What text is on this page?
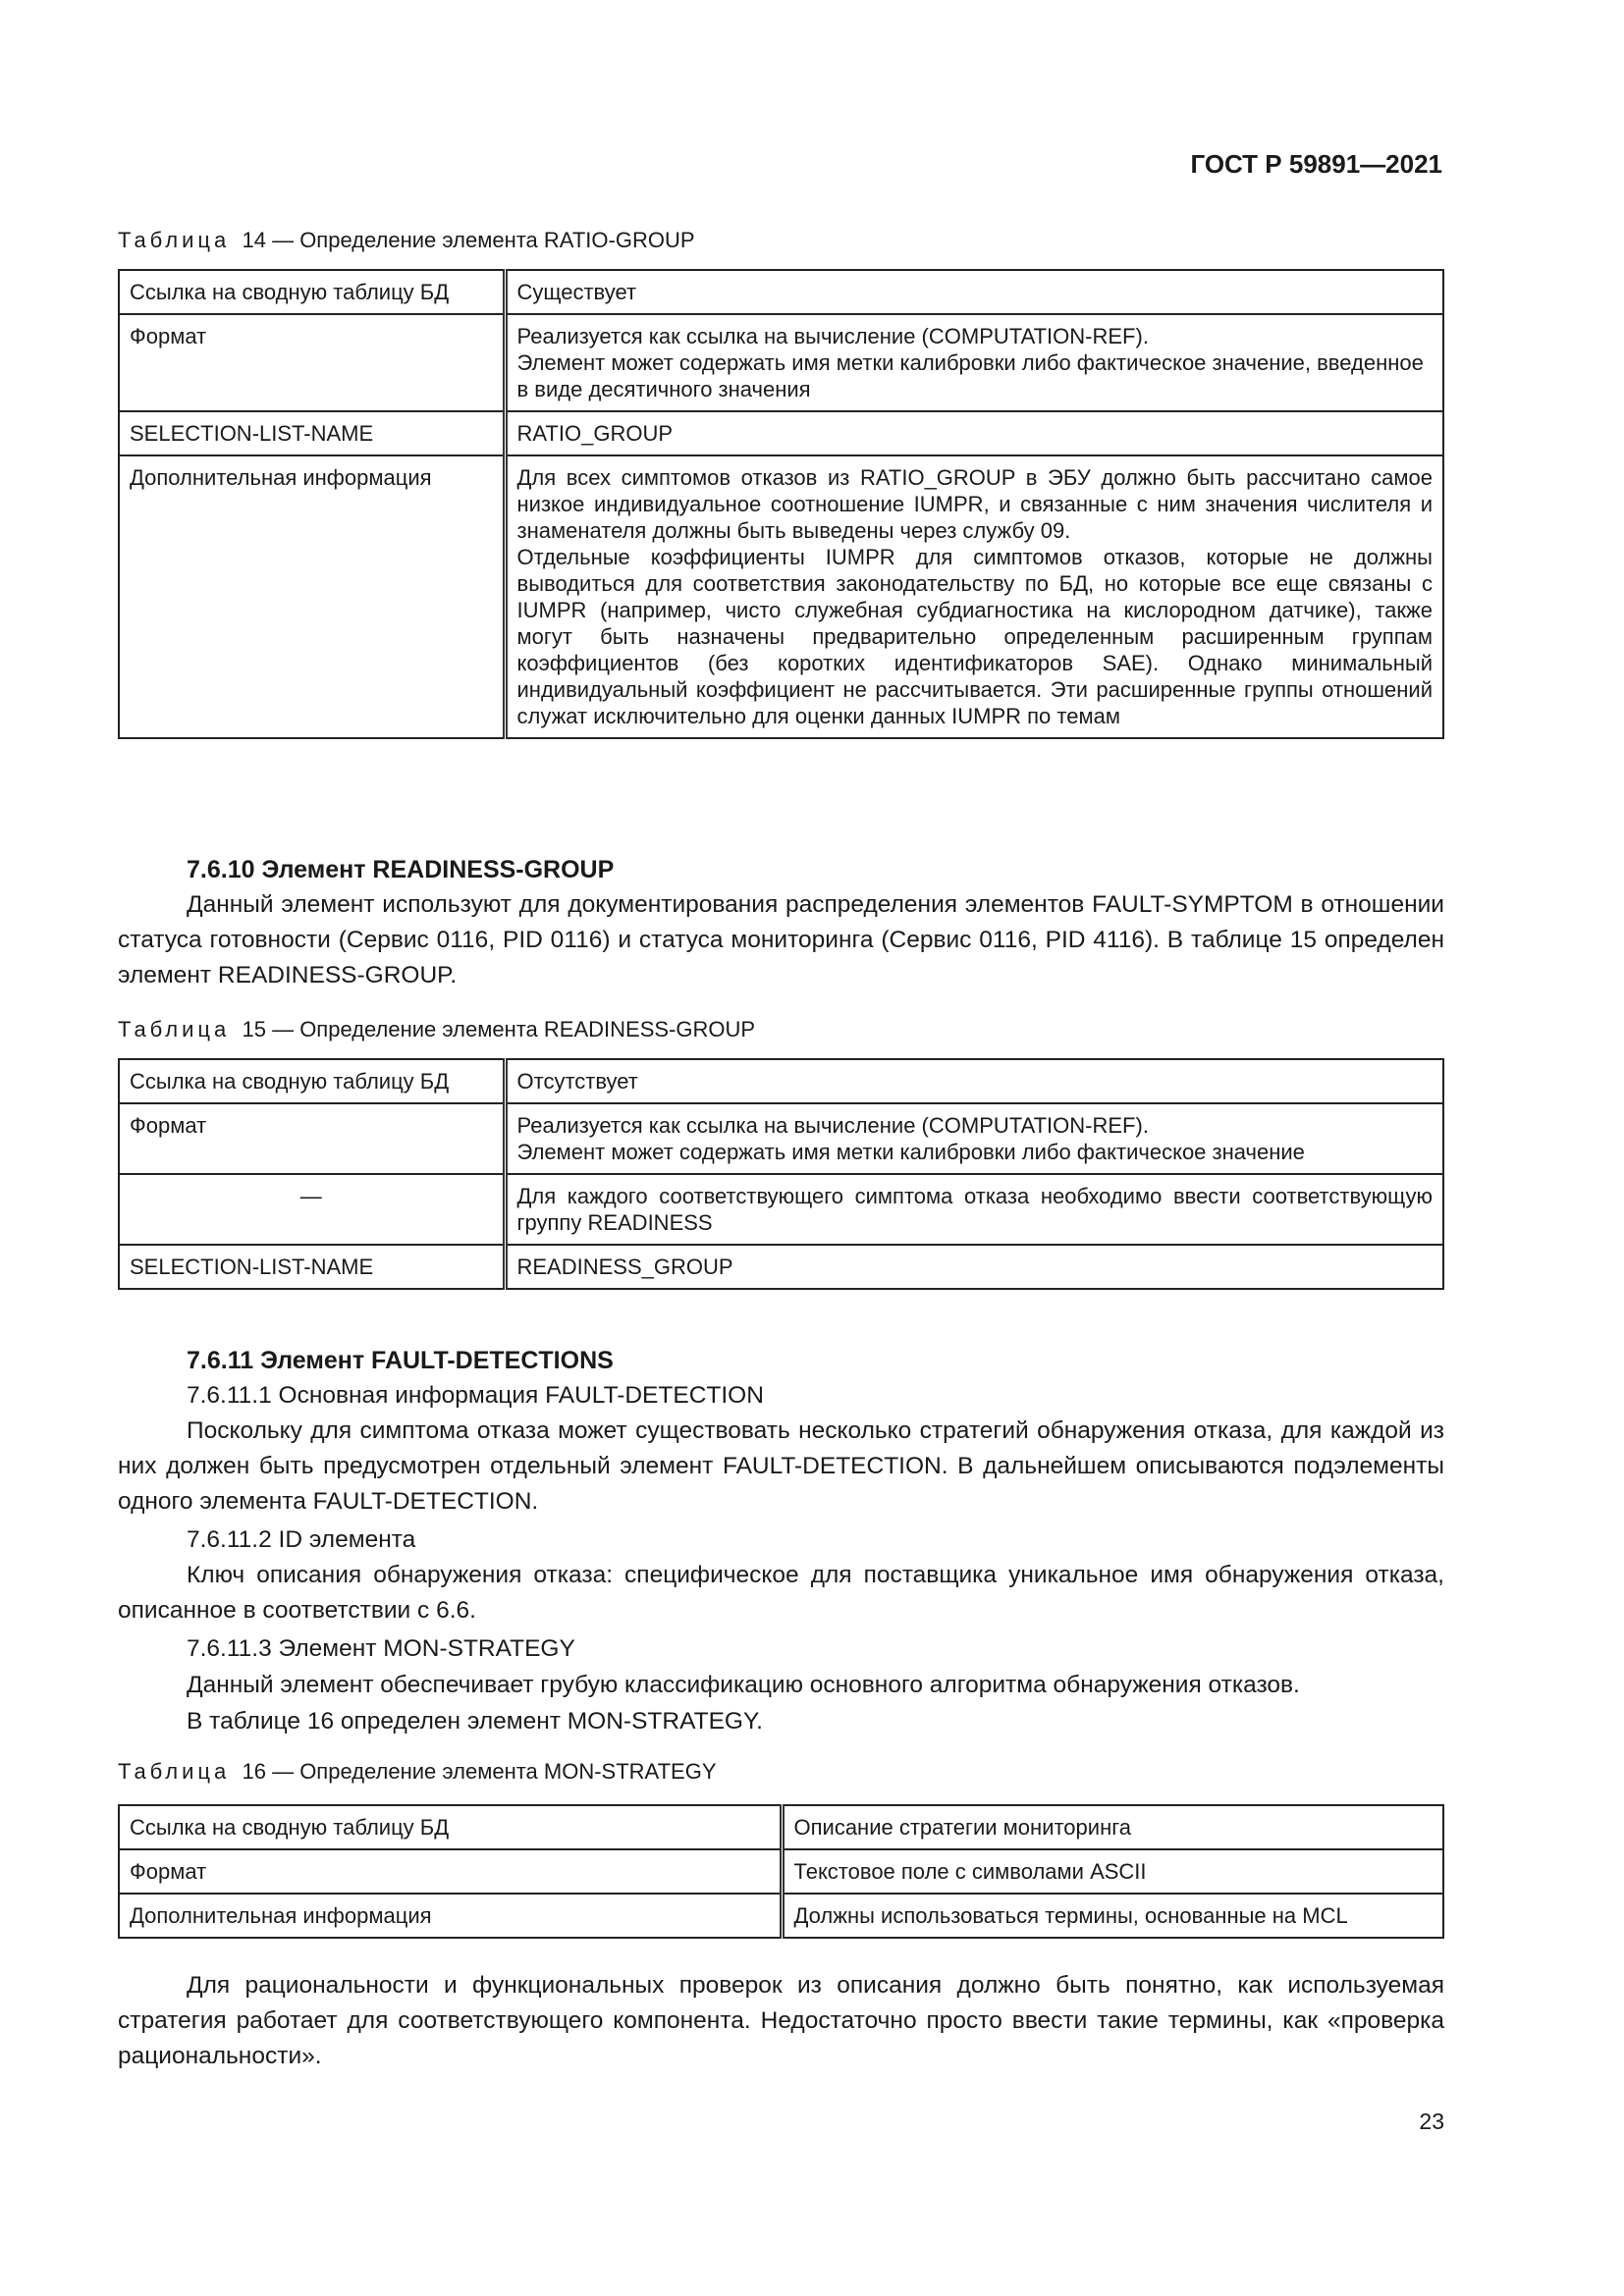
ГОСТ Р 59891—2021
Таблица 14 — Определение элемента RATIO-GROUP
Ссылка на сводную таблицу БД	Существует

Формат	Реализуется как ссылка на вычисление (COMPUTATION-REF).
Элемент может содержать имя метки калибровки либо фактическое значение, введенное в виде десятичного значения

SELECTION-LIST-NAME	RATIO_GROUP

Дополнительная информация	Для всех симптомов отказов из RATIO_GROUP в ЭБУ должно быть рассчитано самое низкое индивидуальное соотношение IUMPR, и связанные с ним значения числителя и знаменателя должны быть выведены через службу 09.
Отдельные коэффициенты IUMPR для симптомов отказов, которые не должны выводиться для соответствия законодательству по БД, но которые все еще связаны с IUMPR (например, чисто служебная субдиагностика на кислородном датчике), также могут быть назначены предварительно определенным расширенным группам коэффициентов (без коротких идентификаторов SAE). Однако минимальный индивидуальный коэффициент не рассчитывается. Эти расширенные группы отношений служат исключительно для оценки данных IUMPR по темам
7.6.10 Элемент READINESS-GROUP
Данный элемент используют для документирования распределения элементов FAULT-SYMPTOM в отношении статуса готовности (Сервис 0116, PID 0116) и статуса мониторинга (Сервис 0116, PID 4116). В таблице 15 определен элемент READINESS-GROUP.
Таблица 15 — Определение элемента READINESS-GROUP
Ссылка на сводную таблицу БД	Отсутствует

Формат	Реализуется как ссылка на вычисление (COMPUTATION-REF).
Элемент может содержать имя метки калибровки либо фактическое значение

—	Для каждого соответствующего симптома отказа необходимо ввести соответствующую группу READINESS

SELECTION-LIST-NAME	READINESS_GROUP
7.6.11 Элемент FAULT-DETECTIONS
7.6.11.1 Основная информация FAULT-DETECTION
Поскольку для симптома отказа может существовать несколько стратегий обнаружения отказа, для каждой из них должен быть предусмотрен отдельный элемент FAULT-DETECTION. В дальнейшем описываются подэлементы одного элемента FAULT-DETECTION.
7.6.11.2 ID элемента
Ключ описания обнаружения отказа: специфическое для поставщика уникальное имя обнаружения отказа, описанное в соответствии с 6.6.
7.6.11.3 Элемент MON-STRATEGY
Данный элемент обеспечивает грубую классификацию основного алгоритма обнаружения отказов.
В таблице 16 определен элемент MON-STRATEGY.
Таблица 16 — Определение элемента MON-STRATEGY
Ссылка на сводную таблицу БД	Описание стратегии мониторинга

Формат	Текстовое поле с символами ASCII

Дополнительная информация	Должны использоваться термины, основанные на MCL
Для рациональности и функциональных проверок из описания должно быть понятно, как используемая стратегия работает для соответствующего компонента. Недостаточно просто ввести такие термины, как «проверка рациональности».
23
